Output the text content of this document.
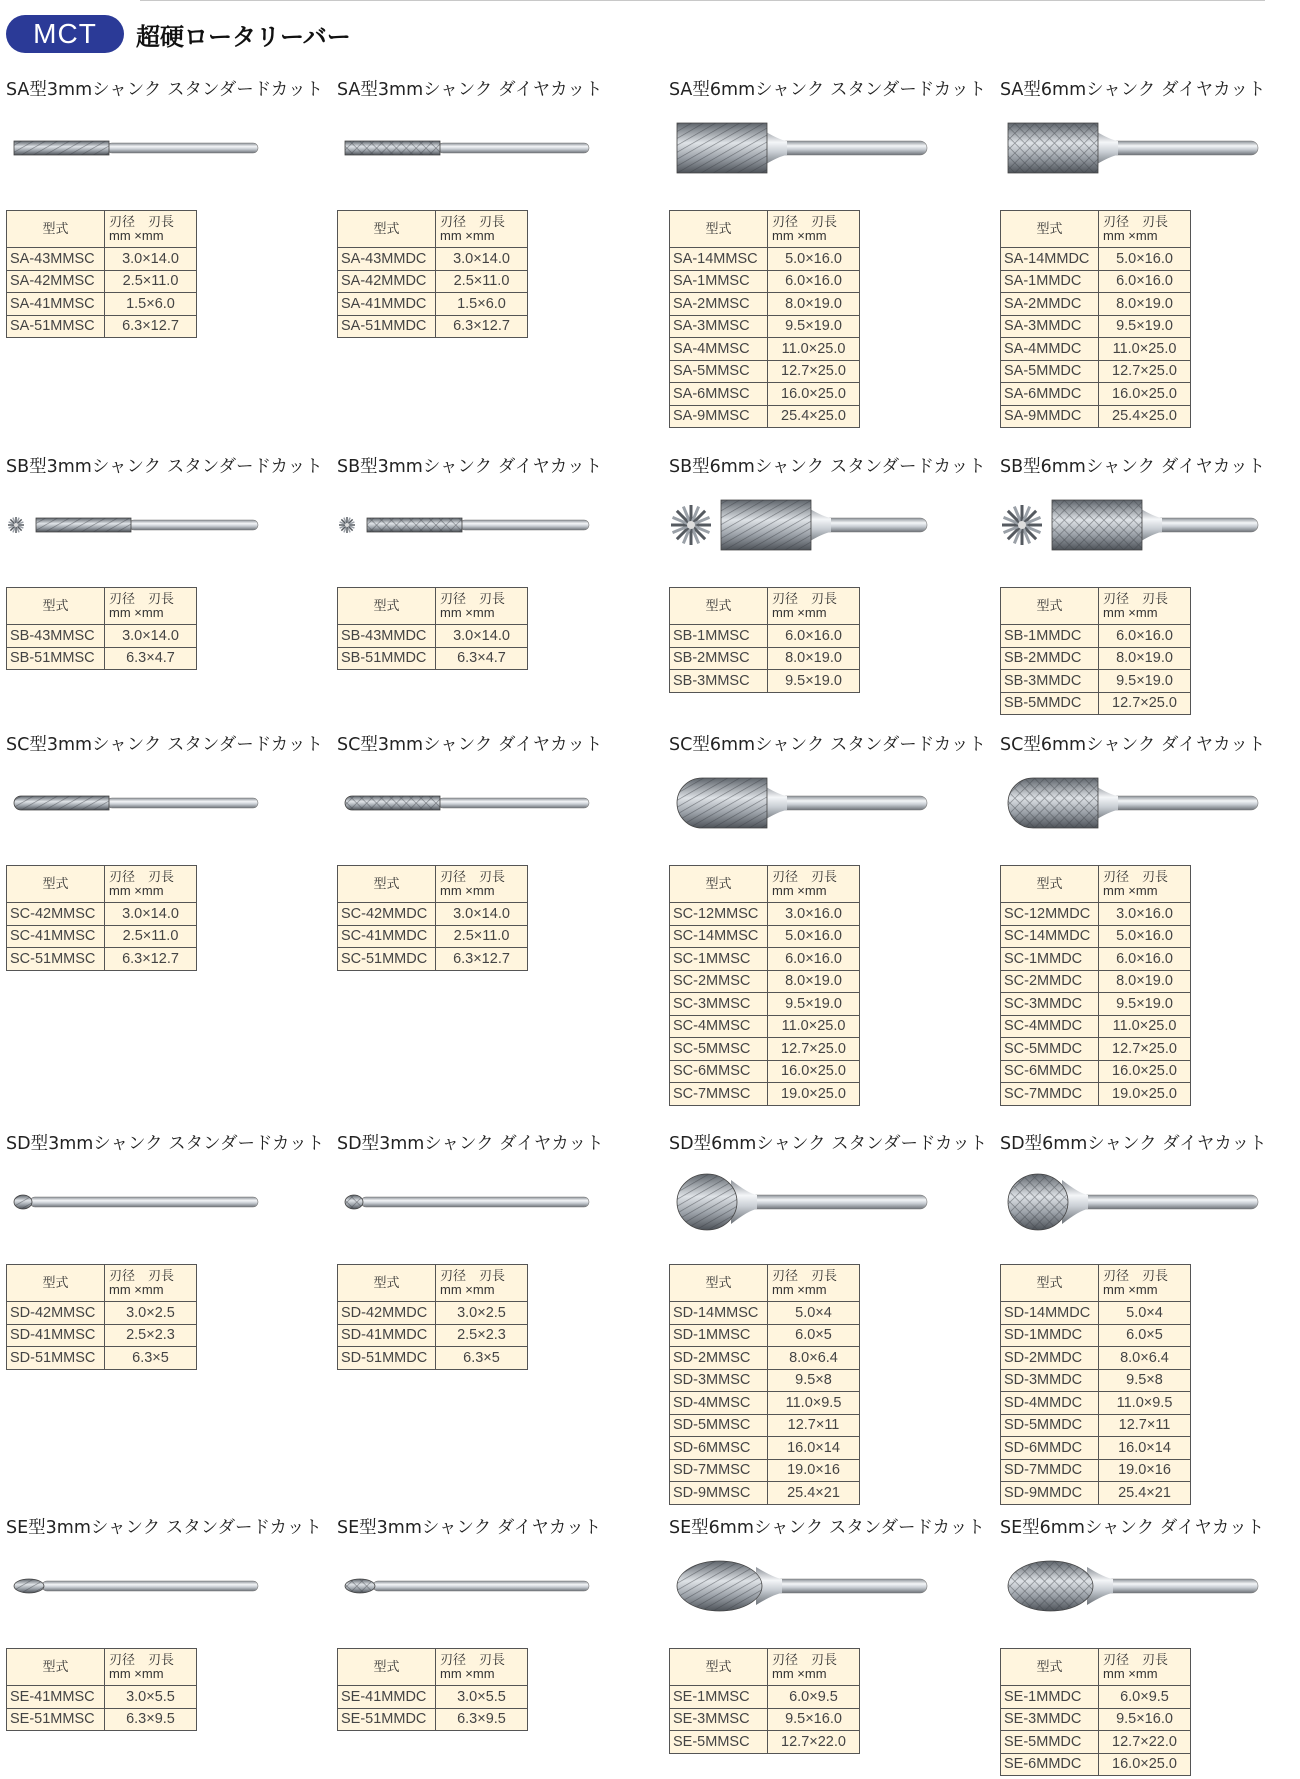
MCT	超硬ロータリーバー
SA型3mmシャンク スタンダードカット
型式	刃径　刃長
mm ×mm

SA-43MMSC	3.0×14.0
SA-42MMSC	2.5×11.0
SA-41MMSC	1.5×6.0
SA-51MMSC	6.3×12.7
SA型3mmシャンク ダイヤカット
型式	刃径　刃長
mm ×mm

SA-43MMDC	3.0×14.0
SA-42MMDC	2.5×11.0
SA-41MMDC	1.5×6.0
SA-51MMDC	6.3×12.7
SA型6mmシャンク スタンダードカット
型式	刃径　刃長
mm ×mm

SA-14MMSC	5.0×16.0
SA-1MMSC	6.0×16.0
SA-2MMSC	8.0×19.0
SA-3MMSC	9.5×19.0
SA-4MMSC	11.0×25.0
SA-5MMSC	12.7×25.0
SA-6MMSC	16.0×25.0
SA-9MMSC	25.4×25.0
SA型6mmシャンク ダイヤカット
型式	刃径　刃長
mm ×mm

SA-14MMDC	5.0×16.0
SA-1MMDC	6.0×16.0
SA-2MMDC	8.0×19.0
SA-3MMDC	9.5×19.0
SA-4MMDC	11.0×25.0
SA-5MMDC	12.7×25.0
SA-6MMDC	16.0×25.0
SA-9MMDC	25.4×25.0
SB型3mmシャンク スタンダードカット
型式	刃径　刃長
mm ×mm

SB-43MMSC	3.0×14.0
SB-51MMSC	6.3×4.7
SB型3mmシャンク ダイヤカット
型式	刃径　刃長
mm ×mm

SB-43MMDC	3.0×14.0
SB-51MMDC	6.3×4.7
SB型6mmシャンク スタンダードカット
型式	刃径　刃長
mm ×mm

SB-1MMSC	6.0×16.0
SB-2MMSC	8.0×19.0
SB-3MMSC	9.5×19.0
SB型6mmシャンク ダイヤカット
型式	刃径　刃長
mm ×mm

SB-1MMDC	6.0×16.0
SB-2MMDC	8.0×19.0
SB-3MMDC	9.5×19.0
SB-5MMDC	12.7×25.0
SC型3mmシャンク スタンダードカット
型式	刃径　刃長
mm ×mm

SC-42MMSC	3.0×14.0
SC-41MMSC	2.5×11.0
SC-51MMSC	6.3×12.7
SC型3mmシャンク ダイヤカット
型式	刃径　刃長
mm ×mm

SC-42MMDC	3.0×14.0
SC-41MMDC	2.5×11.0
SC-51MMDC	6.3×12.7
SC型6mmシャンク スタンダードカット
型式	刃径　刃長
mm ×mm

SC-12MMSC	3.0×16.0
SC-14MMSC	5.0×16.0
SC-1MMSC	6.0×16.0
SC-2MMSC	8.0×19.0
SC-3MMSC	9.5×19.0
SC-4MMSC	11.0×25.0
SC-5MMSC	12.7×25.0
SC-6MMSC	16.0×25.0
SC-7MMSC	19.0×25.0
SC型6mmシャンク ダイヤカット
型式	刃径　刃長
mm ×mm

SC-12MMDC	3.0×16.0
SC-14MMDC	5.0×16.0
SC-1MMDC	6.0×16.0
SC-2MMDC	8.0×19.0
SC-3MMDC	9.5×19.0
SC-4MMDC	11.0×25.0
SC-5MMDC	12.7×25.0
SC-6MMDC	16.0×25.0
SC-7MMDC	19.0×25.0
SD型3mmシャンク スタンダードカット
型式	刃径　刃長
mm ×mm

SD-42MMSC	3.0×2.5
SD-41MMSC	2.5×2.3
SD-51MMSC	6.3×5
SD型3mmシャンク ダイヤカット
型式	刃径　刃長
mm ×mm

SD-42MMDC	3.0×2.5
SD-41MMDC	2.5×2.3
SD-51MMDC	6.3×5
SD型6mmシャンク スタンダードカット
型式	刃径　刃長
mm ×mm

SD-14MMSC	5.0×4
SD-1MMSC	6.0×5
SD-2MMSC	8.0×6.4
SD-3MMSC	9.5×8
SD-4MMSC	11.0×9.5
SD-5MMSC	12.7×11
SD-6MMSC	16.0×14
SD-7MMSC	19.0×16
SD-9MMSC	25.4×21
SD型6mmシャンク ダイヤカット
型式	刃径　刃長
mm ×mm

SD-14MMDC	5.0×4
SD-1MMDC	6.0×5
SD-2MMDC	8.0×6.4
SD-3MMDC	9.5×8
SD-4MMDC	11.0×9.5
SD-5MMDC	12.7×11
SD-6MMDC	16.0×14
SD-7MMDC	19.0×16
SD-9MMDC	25.4×21
SE型3mmシャンク スタンダードカット
型式	刃径　刃長
mm ×mm

SE-41MMSC	3.0×5.5
SE-51MMSC	6.3×9.5
SE型3mmシャンク ダイヤカット
型式	刃径　刃長
mm ×mm

SE-41MMDC	3.0×5.5
SE-51MMDC	6.3×9.5
SE型6mmシャンク スタンダードカット
型式	刃径　刃長
mm ×mm

SE-1MMSC	6.0×9.5
SE-3MMSC	9.5×16.0
SE-5MMSC	12.7×22.0
SE型6mmシャンク ダイヤカット
型式	刃径　刃長
mm ×mm

SE-1MMDC	6.0×9.5
SE-3MMDC	9.5×16.0
SE-5MMDC	12.7×22.0
SE-6MMDC	16.0×25.0
